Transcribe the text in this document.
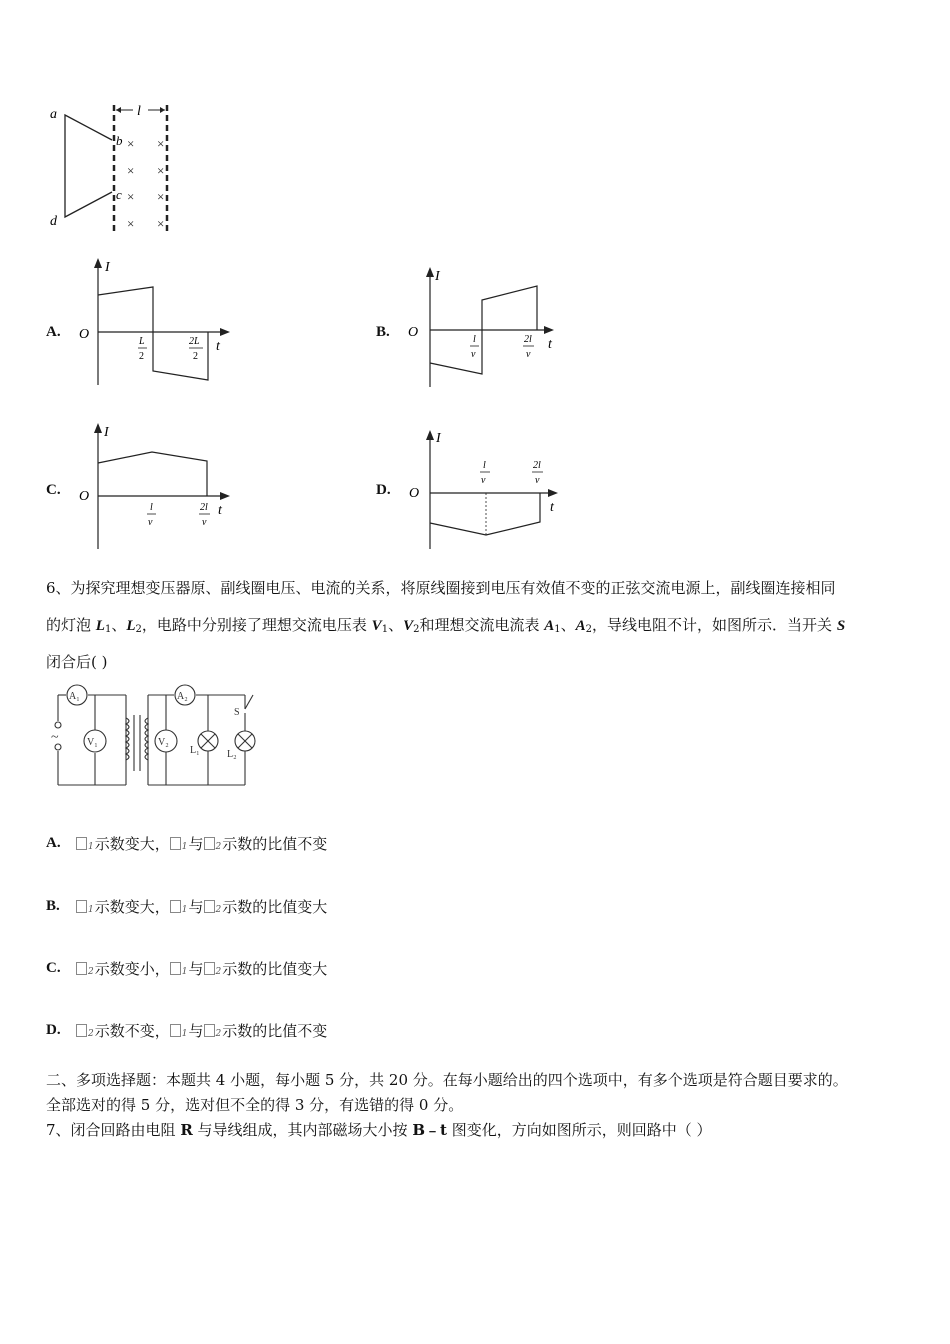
a
d
b
c
l
× ×
× ×
× ×
× ×
A.
I
O
t
L
2
2L
2
B.
I
O
t
l
v
2l
v
C.
I
O
t
l
v
2l
v
D.
I
O
t
l
v
2l
v
6、为探究理想变压器原、副线圈电压、电流的关系，将原线圈接到电压有效值不变的正弦交流电源上，副线圈连接相同
的灯泡 L1、L2，电路中分别接了理想交流电压表 V1、V2和理想交流电流表 A1、A2，导线电阻不计，如图所示．当开关 S
闭合后( )
~
A₁
V₁
A₂
V₂
L₁	L₂
S
A.	1示数变大， 1与 2示数的比值不变
B.	1示数变大， 1与 2示数的比值变大
C.	2示数变小， 1与 2示数的比值变大
D.	2示数不变， 1与 2示数的比值不变
二、多项选择题：本题共 4 小题，每小题 5 分，共 20 分。在每小题给出的四个选项中，有多个选项是符合题目要求的。
全部选对的得 5 分，选对但不全的得 3 分，有选错的得 0 分。
7、闭合回路由电阻 R 与导线组成，其内部磁场大小按 B﹣t 图变化，方向如图所示，则回路中（ ）
